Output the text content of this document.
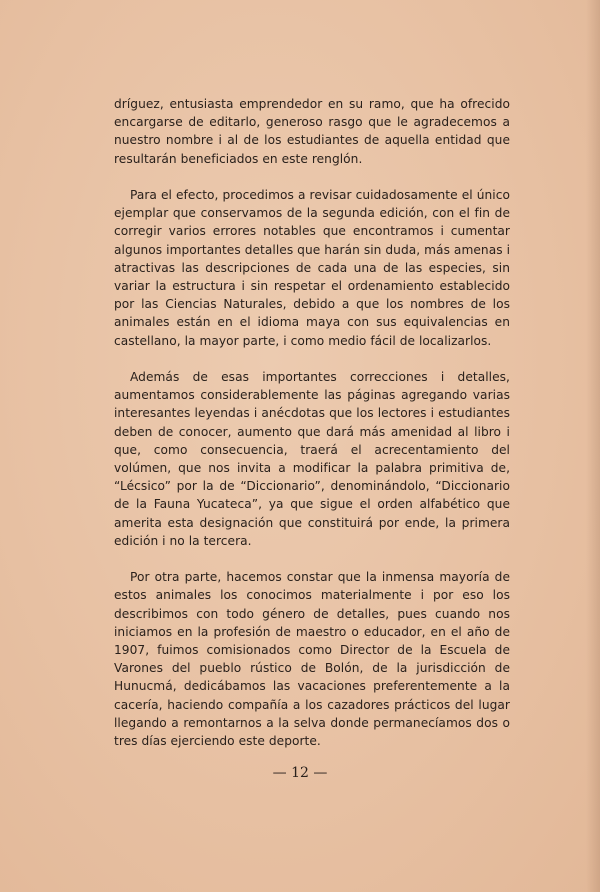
dríguez, entusiasta emprendedor en su ramo, que ha ofrecido encargarse de editarlo, generoso rasgo que le agradecemos a nuestro nombre i al de los estudiantes de aquella entidad que resultarán beneficiados en este renglón.

Para el efecto, procedimos a revisar cuidadosamente el único ejemplar que conservamos de la segunda edición, con el fin de corregir varios errores notables que encontramos i cumentar algunos importantes detalles que harán sin duda, más amenas i atractivas las descripciones de cada una de las especies, sin variar la estructura i sin respetar el ordenamiento establecido por las Ciencias Naturales, debido a que los nombres de los animales están en el idioma maya con sus equivalencias en castellano, la mayor parte, i como medio fácil de localizarlos.

Además de esas importantes correcciones i detalles, aumentamos considerablemente las páginas agregando varias interesantes leyendas i anécdotas que los lectores i estudiantes deben de conocer, aumento que dará más amenidad al libro i que, como consecuencia, traerá el acrecentamiento del volúmen, que nos invita a modificar la palabra primitiva de, “Lécsico” por la de “Diccionario”, denominándolo, “Diccionario de la Fauna Yucateca”, ya que sigue el orden alfabético que amerita esta designación que constituirá por ende, la primera edición i no la tercera.

Por otra parte, hacemos constar que la inmensa mayoría de estos animales los conocimos materialmente i por eso los describimos con todo género de detalles, pues cuando nos iniciamos en la profesión de maestro o educador, en el año de 1907, fuimos comisionados como Director de la Escuela de Varones del pueblo rústico de Bolón, de la jurisdicción de Hunucmá, dedicábamos las vacaciones preferentemente a la cacería, haciendo compañía a los cazadores prácticos del lugar llegando a remontarnos a la selva donde permanecíamos dos o tres días ejerciendo este deporte.

— 12 —
